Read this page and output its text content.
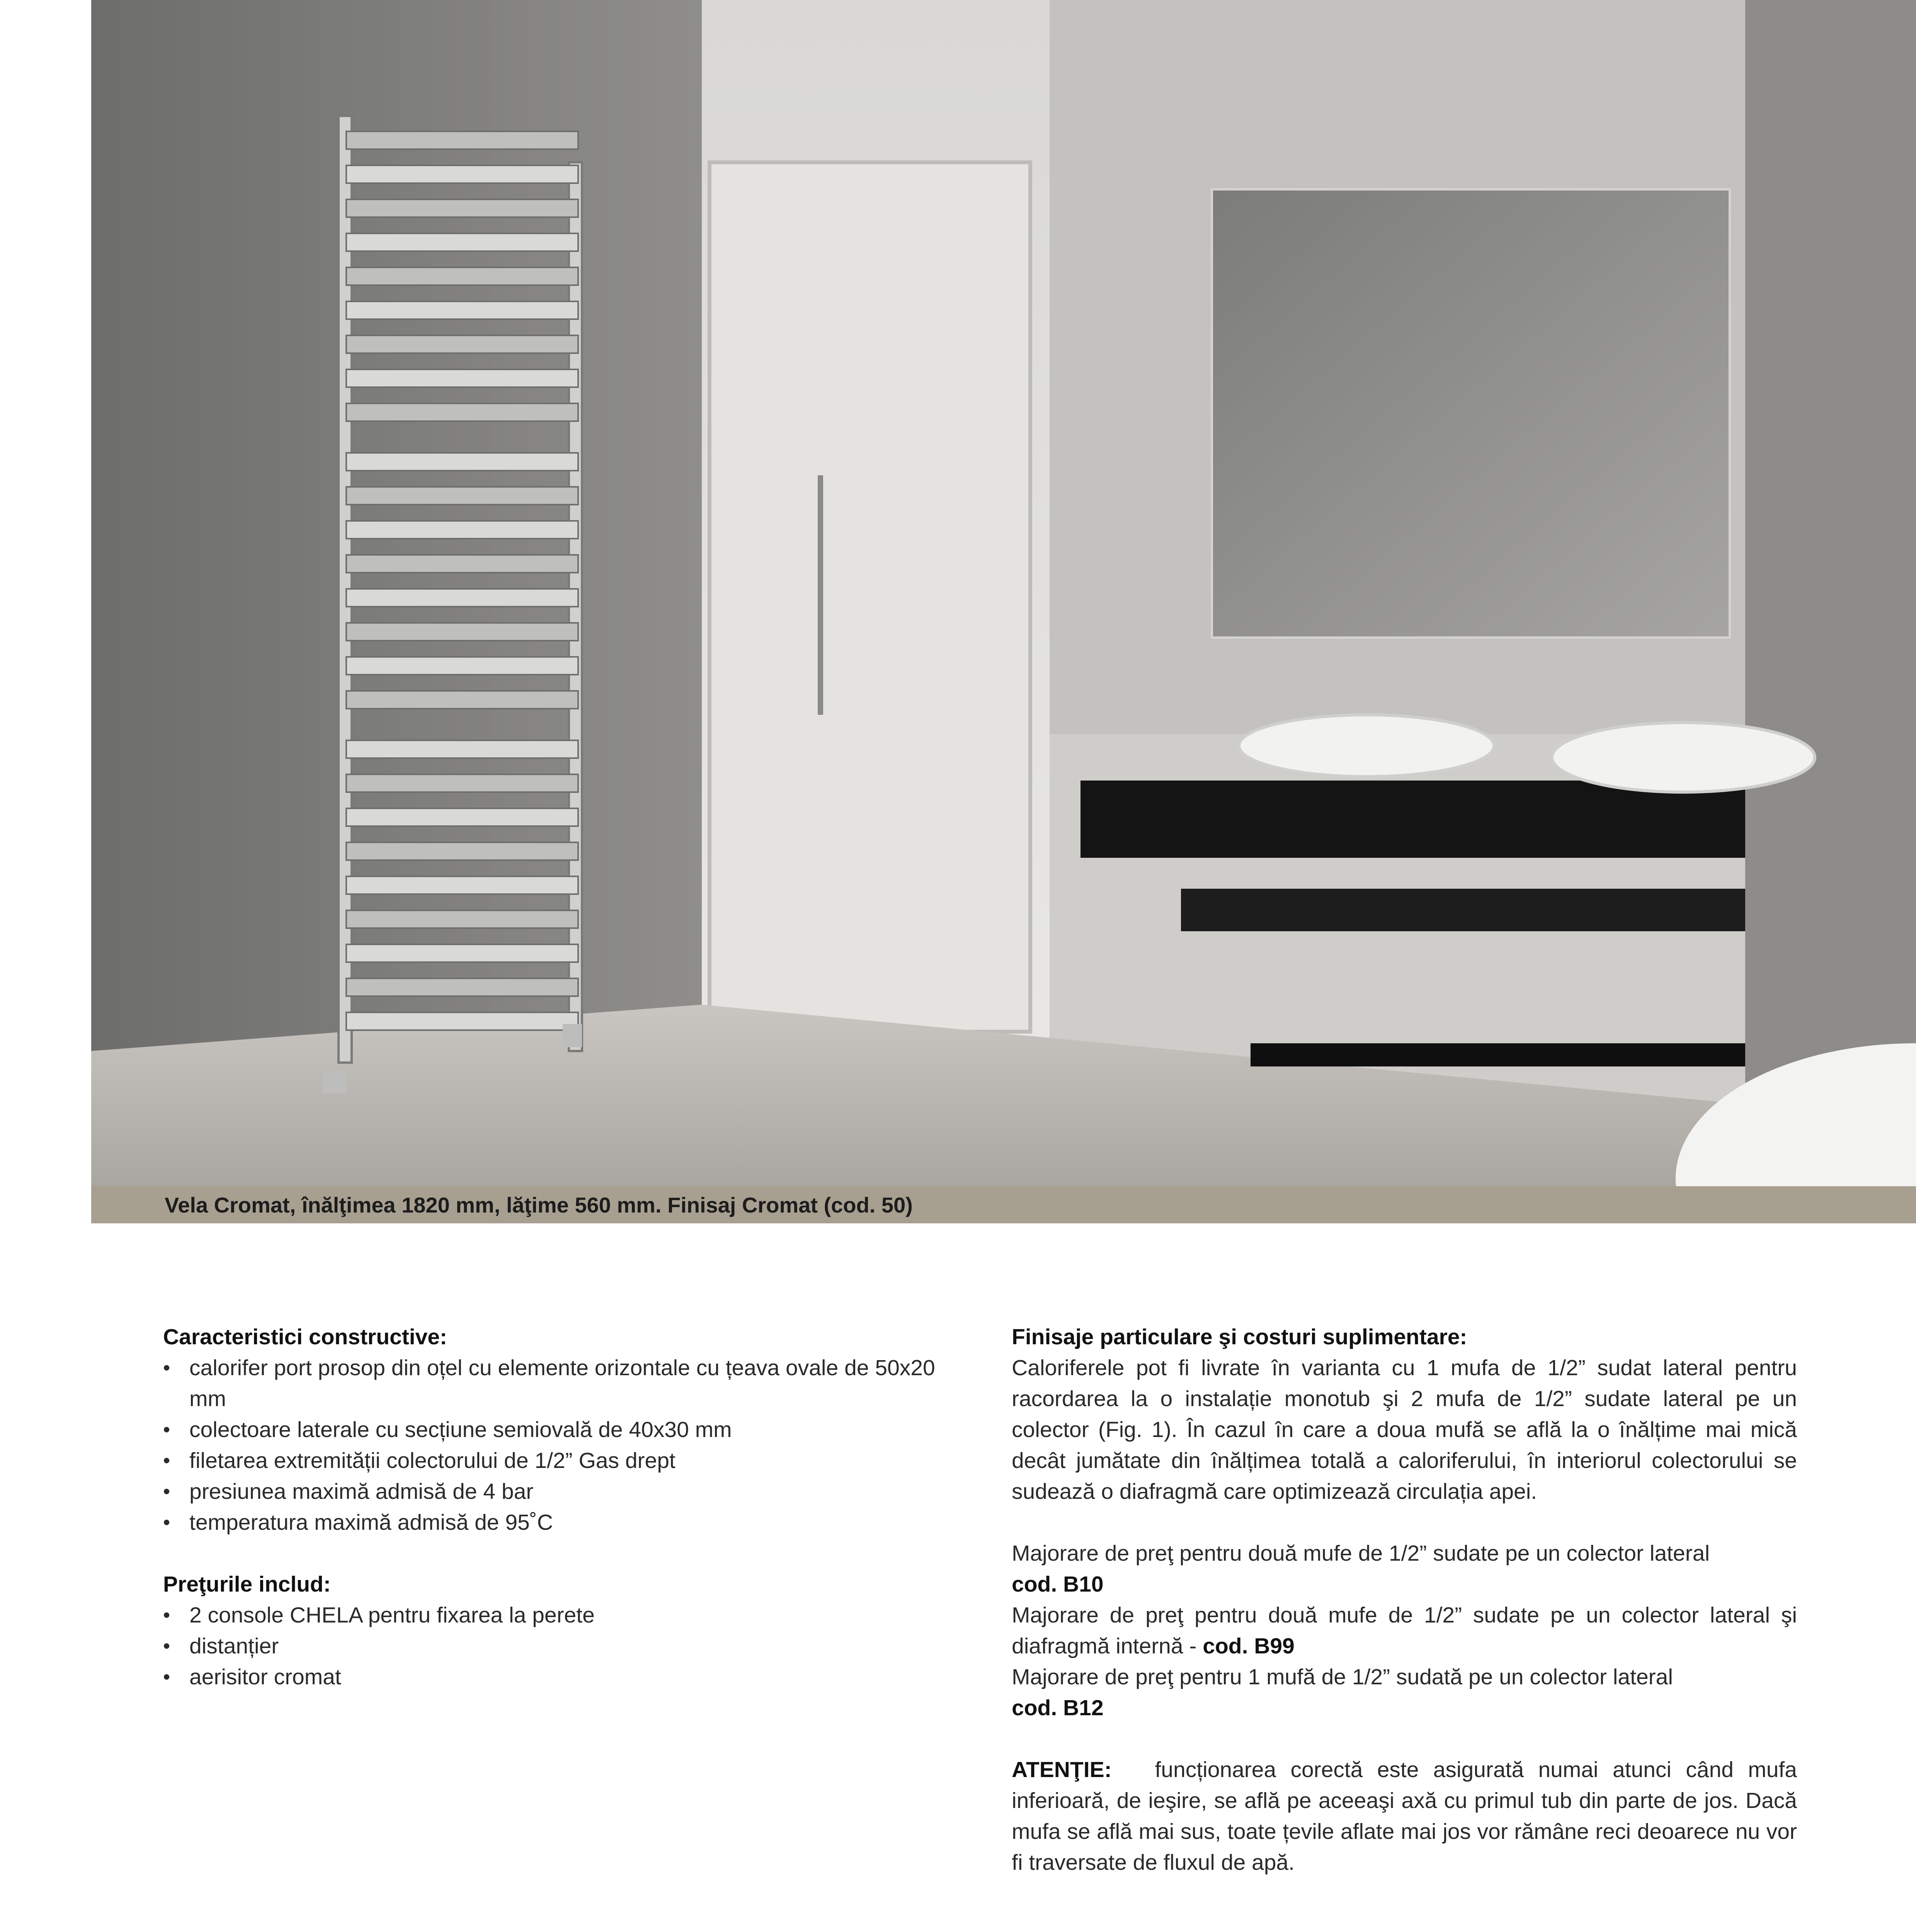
Vela Cromat, înălţimea 1820 mm, lăţime 560 mm. Finisaj Cromat (cod. 50)
Caracteristici constructive:
• calorifer port prosop din oțel cu elemente orizontale cu țeava ovale de 50x20 mm
• colectoare laterale cu secțiune semiovală de 40x30 mm
• filetarea extremității colectorului de 1/2” Gas drept
• presiunea maximă admisă de 4 bar
• temperatura maximă admisă de 95˚C
Preţurile includ:
• 2 console CHELA pentru fixarea la perete
• distanțier
• aerisitor cromat
Finisaje particulare şi costuri suplimentare:
Caloriferele pot fi livrate în varianta cu 1 mufa de 1/2” sudat lateral pentru racordarea la o instalație monotub şi 2 mufa de 1/2” sudate lateral pe un colector (Fig. 1). În cazul în care a doua mufă se află la o înălțime mai mică decât jumătate din înălțimea totală a caloriferului, în interiorul colectorului se sudează o diafragmă care optimizează circulația apei.
Majorare de preţ pentru două mufe de 1/2” sudate pe un colector lateral
cod. B10
Majorare de preţ pentru două mufe de 1/2” sudate pe un colector lateral şi diafragmă internă - cod. B99
Majorare de preţ pentru 1 mufă de 1/2” sudată pe un colector lateral
cod. B12
ATENŢIE: funcționarea corectă este asigurată numai atunci când mufa inferioară, de ieşire, se află pe aceeaşi axă cu primul tub din parte de jos. Dacă mufa se află mai sus, toate țevile aflate mai jos vor rămâne reci deoarece nu vor fi traversate de fluxul de apă.
